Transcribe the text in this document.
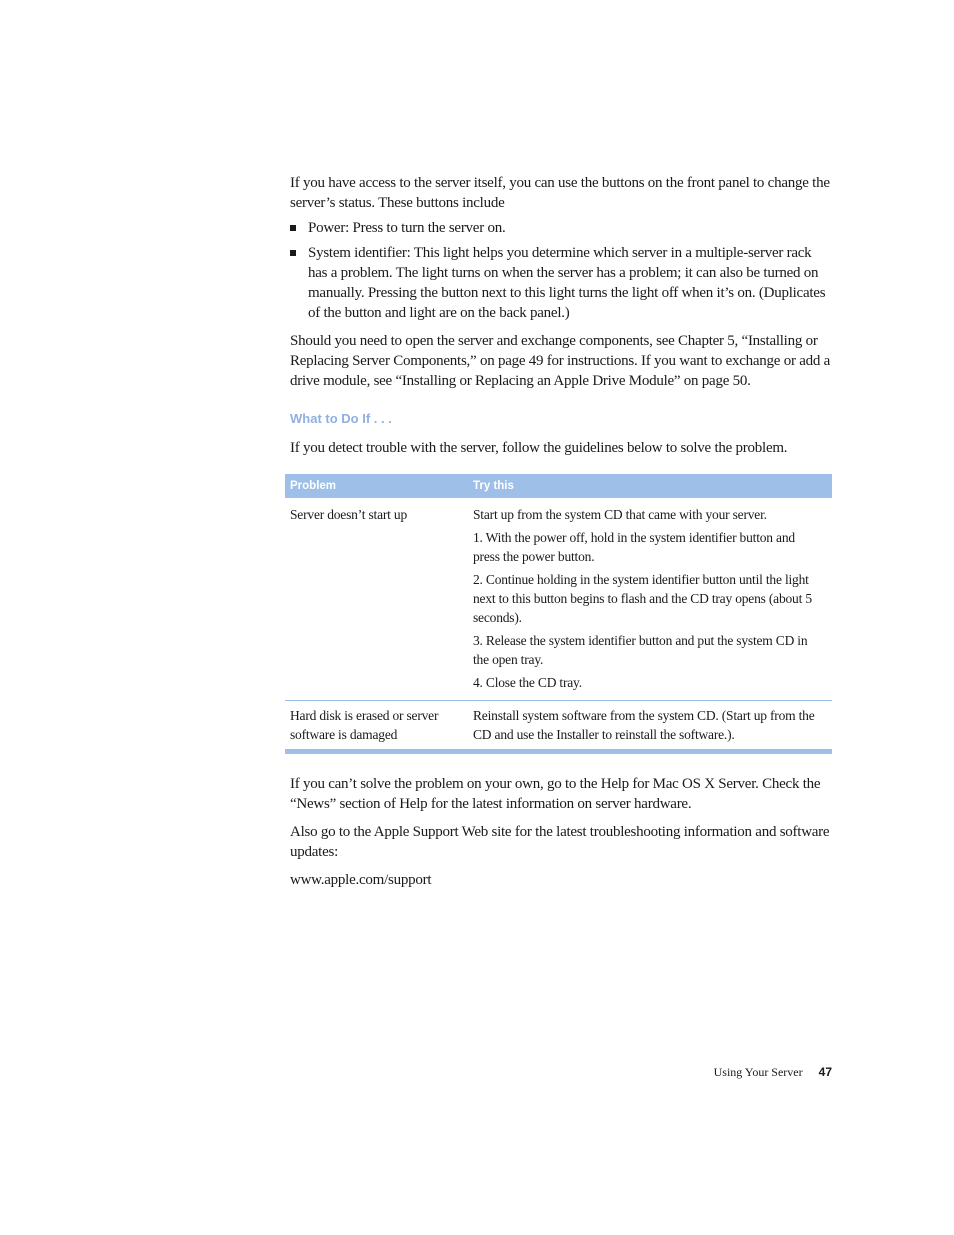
If you have access to the server itself, you can use the buttons on the front panel to change the server’s status. These buttons include

Power: Press to turn the server on.
System identifier: This light helps you determine which server in a multiple-server rack has a problem. The light turns on when the server has a problem; it can also be turned on manually. Pressing the button next to this light turns the light off when it’s on. (Duplicates of the button and light are on the back panel.)

Should you need to open the server and exchange components, see Chapter 5, “Installing or Replacing Server Components,” on page 49 for instructions. If you want to exchange or add a drive module, see “Installing or Replacing an Apple Drive Module” on page 50.

What to Do If . . .

If you detect trouble with the server, follow the guidelines below to solve the problem.

Problem	Try this
Server doesn’t start up	Start up from the system CD that came with your server.
1. With the power off, hold in the system identifier button and press the power button.
2. Continue holding in the system identifier button until the light next to this button begins to flash and the CD tray opens (about 5 seconds).
3. Release the system identifier button and put the system CD in the open tray.
4. Close the CD tray.

Hard disk is erased or server software is damaged	Reinstall system software from the system CD. (Start up from the CD and use the Installer to reinstall the software.).

If you can’t solve the problem on your own, go to the Help for Mac OS X Server. Check the “News” section of Help for the latest information on server hardware.

Also go to the Apple Support Web site for the latest troubleshooting information and software updates:

www.apple.com/support

Using Your Server 47
